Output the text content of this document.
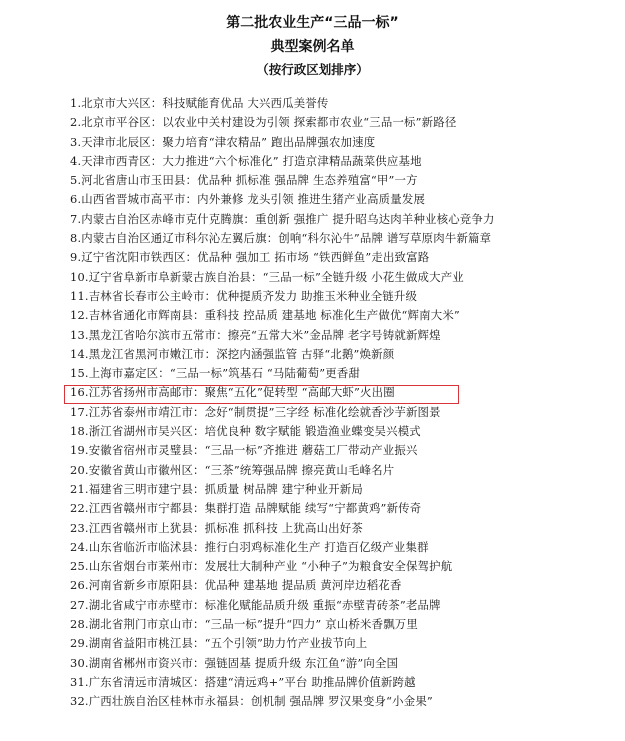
第二批农业生产“三品一标”
典型案例名单
（按行政区划排序）
1.北京市大兴区：科技赋能育优品 大兴西瓜美誉传
2.北京市平谷区：以农业中关村建设为引领 探索都市农业“三品一标”新路径
3.天津市北辰区：聚力培育“津农精品” 跑出品牌强农加速度
4.天津市西青区：大力推进“六个标准化” 打造京津精品蔬菜供应基地
5.河北省唐山市玉田县：优品种 抓标准 强品牌 生态养殖富“甲”一方
6.山西省晋城市高平市：内外兼修 龙头引领 推进生猪产业高质量发展
7.内蒙古自治区赤峰市克什克腾旗：重创新 强推广 提升昭乌达肉羊种业核心竞争力
8.内蒙古自治区通辽市科尔沁左翼后旗：创响“科尔沁牛”品牌 谱写草原肉牛新篇章
9.辽宁省沈阳市铁西区：优品种 强加工 拓市场 “铁西鲜鱼”走出致富路
10.辽宁省阜新市阜新蒙古族自治县：“三品一标”全链升级 小花生做成大产业
11.吉林省长春市公主岭市：优种提质齐发力 助推玉米种业全链升级
12.吉林省通化市辉南县：重科技 控品质 建基地 标准化生产做优“辉南大米”
13.黑龙江省哈尔滨市五常市：擦亮“五常大米”金品牌 老字号铸就新辉煌
14.黑龙江省黑河市嫩江市：深挖内涵强监管 古驿“北鹅”焕新颜
15.上海市嘉定区：“三品一标”筑基石 “马陆葡萄”更香甜
16.江苏省扬州市高邮市：聚焦“五化”促转型 “高邮大虾”火出圈
17.江苏省泰州市靖江市：念好“制贯提”三字经 标准化绘就香沙芋新图景
18.浙江省湖州市吴兴区：培优良种 数字赋能 锻造渔业蝶变吴兴模式
19.安徽省宿州市灵璧县：“三品一标”齐推进 蘑菇工厂带动产业振兴
20.安徽省黄山市徽州区：“三茶”统筹强品牌 擦亮黄山毛峰名片
21.福建省三明市建宁县：抓质量 树品牌 建宁种业开新局
22.江西省赣州市宁都县：集群打造 品牌赋能 续写“宁都黄鸡”新传奇
23.江西省赣州市上犹县：抓标准 抓科技 上犹高山出好茶
24.山东省临沂市临沭县：推行白羽鸡标准化生产 打造百亿级产业集群
25.山东省烟台市莱州市：发展壮大制种产业 “小种子”为粮食安全保驾护航
26.河南省新乡市原阳县：优品种 建基地 提品质 黄河岸边稻花香
27.湖北省咸宁市赤壁市：标准化赋能品质升级 重振“赤壁青砖茶”老品牌
28.湖北省荆门市京山市：“三品一标”提升“四力” 京山桥米香飘万里
29.湖南省益阳市桃江县：“五个引领”助力竹产业拔节向上
30.湖南省郴州市资兴市：强链固基 提质升级 东江鱼“游”向全国
31.广东省清远市清城区：搭建“清远鸡+”平台 助推品牌价值新跨越
32.广西壮族自治区桂林市永福县：创机制 强品牌 罗汉果变身“小金果”
